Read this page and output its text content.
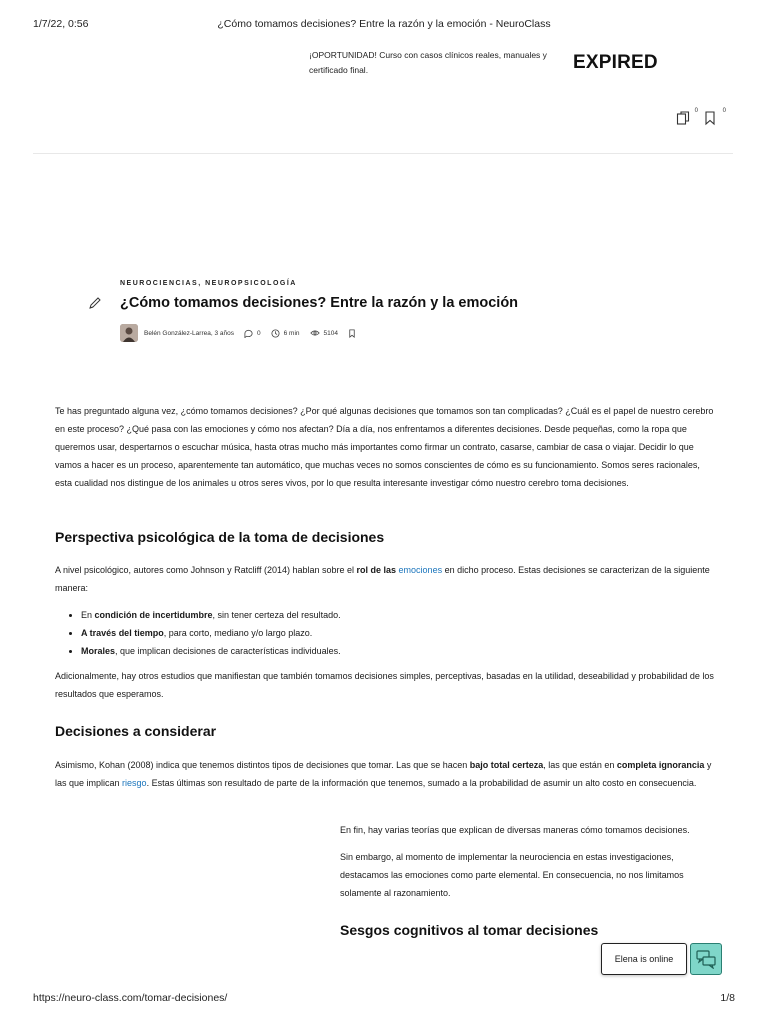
1/7/22, 0:56	¿Cómo tomamos decisiones? Entre la razón y la emoción - NeuroClass
¡OPORTUNIDAD! Curso con casos clínicos reales, manuales y certificado final.	EXPIRED
0	0
NEUROCIENCIAS, NEUROPSICOLOGÍA
¿Cómo tomamos decisiones? Entre la razón y la emoción
Belén González-Larrea, 3 años	0	6 min	5104

Te has preguntado alguna vez, ¿cómo tomamos decisiones? ¿Por qué algunas decisiones que tomamos son tan complicadas? ¿Cuál es el papel de nuestro cerebro en este proceso? ¿Qué pasa con las emociones y cómo nos afectan? Día a día, nos enfrentamos a diferentes decisiones. Desde pequeñas, como la ropa que queremos usar, despertarnos o escuchar música, hasta otras mucho más importantes como firmar un contrato, casarse, cambiar de casa o viajar. Decidir lo que vamos a hacer es un proceso, aparentemente tan automático, que muchas veces no somos conscientes de cómo es su funcionamiento. Somos seres racionales, esta cualidad nos distingue de los animales u otros seres vivos, por lo que resulta interesante investigar cómo nuestro cerebro toma decisiones.

Perspectiva psicológica de la toma de decisiones

A nivel psicológico, autores como Johnson y Ratcliff (2014) hablan sobre el rol de las emociones en dicho proceso. Estas decisiones se caracterizan de la siguiente manera:

• En condición de incertidumbre, sin tener certeza del resultado.
• A través del tiempo, para corto, mediano y/o largo plazo.
• Morales, que implican decisiones de características individuales.

Adicionalmente, hay otros estudios que manifiestan que también tomamos decisiones simples, perceptivas, basadas en la utilidad, deseabilidad y probabilidad de los resultados que esperamos.

Decisiones a considerar

Asimismo, Kohan (2008) indica que tenemos distintos tipos de decisiones que tomar. Las que se hacen bajo total certeza, las que están en completa ignorancia y las que implican riesgo. Estas últimas son resultado de parte de la información que tenemos, sumado a la probabilidad de asumir un alto costo en consecuencia.

En fin, hay varias teorías que explican de diversas maneras cómo tomamos decisiones.

Sin embargo, al momento de implementar la neurociencia en estas investigaciones, destacamos las emociones como parte elemental. En consecuencia, no nos limitamos solamente al razonamiento.

Sesgos cognitivos al tomar decisiones
Elena is online
https://neuro-class.com/tomar-decisiones/	1/8
